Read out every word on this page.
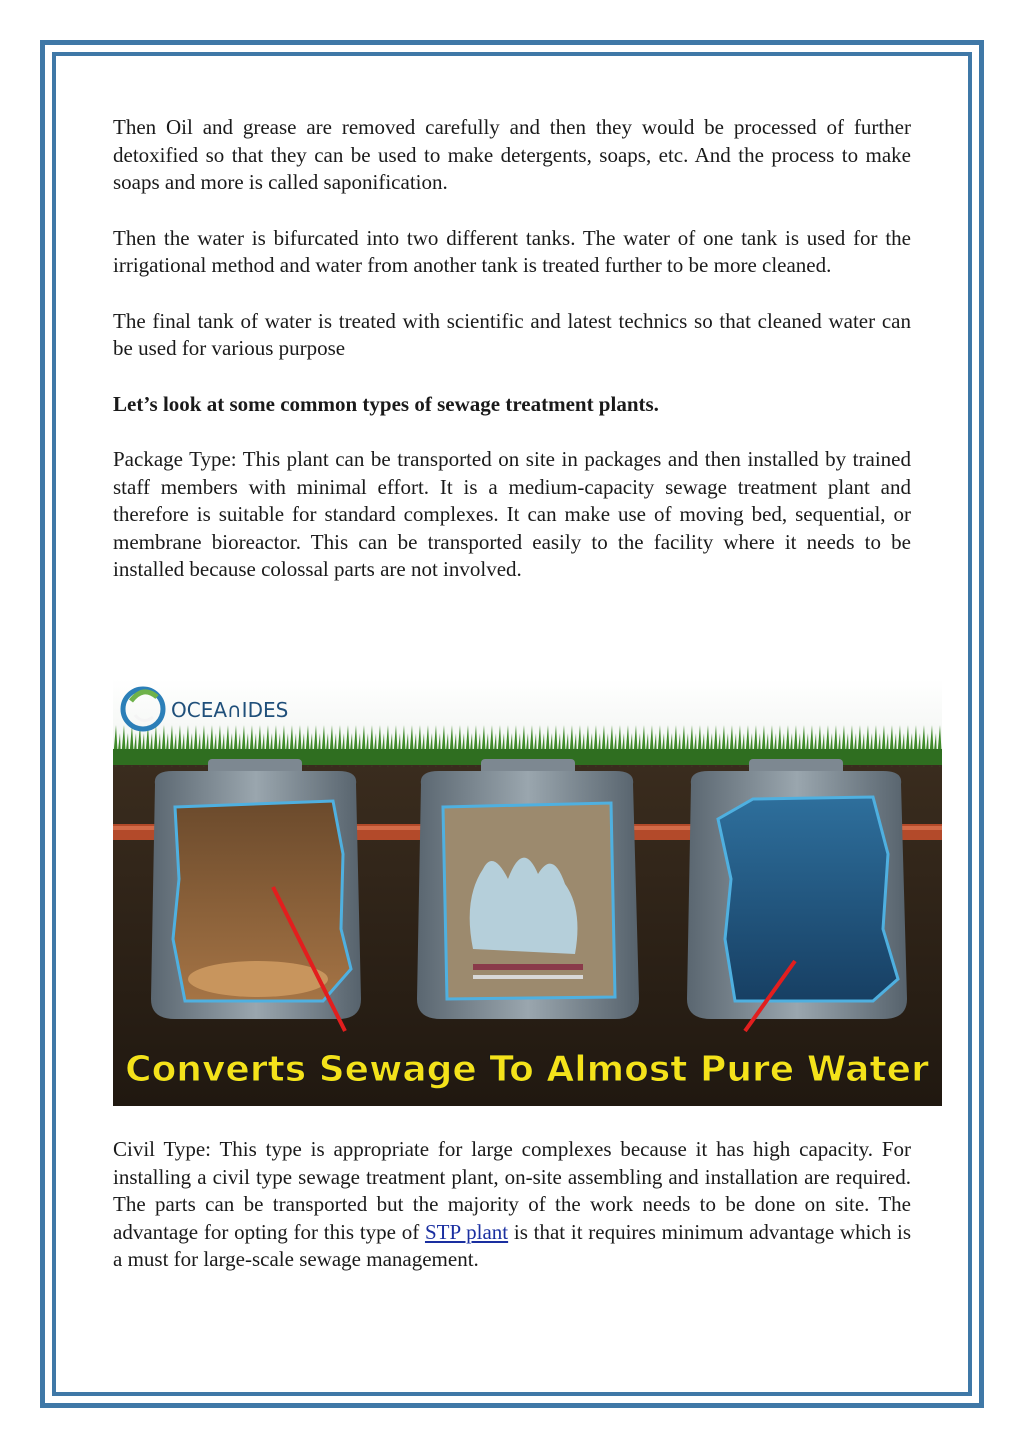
Then Oil and grease are removed carefully and then they would be processed of further detoxified so that they can be used to make detergents, soaps, etc. And the process to make soaps and more is called saponification.

Then the water is bifurcated into two different tanks. The water of one tank is used for the irrigational method and water from another tank is treated further to be more cleaned.

The final tank of water is treated with scientific and latest technics so that cleaned water can be used for various purpose

Let’s look at some common types of sewage treatment plants.

Package Type: This plant can be transported on site in packages and then installed by trained staff members with minimal effort. It is a medium-capacity sewage treatment plant and therefore is suitable for standard complexes. It can make use of moving bed, sequential, or membrane bioreactor. This can be transported easily to the facility where it needs to be installed because colossal parts are not involved.

OCEA∩IDES
Converts Sewage To Almost Pure Water

Civil Type: This type is appropriate for large complexes because it has high capacity. For installing a civil type sewage treatment plant, on-site assembling and installation are required. The parts can be transported but the majority of the work needs to be done on site. The advantage for opting for this type of STP plant is that it requires minimum advantage which is a must for large-scale sewage management.
